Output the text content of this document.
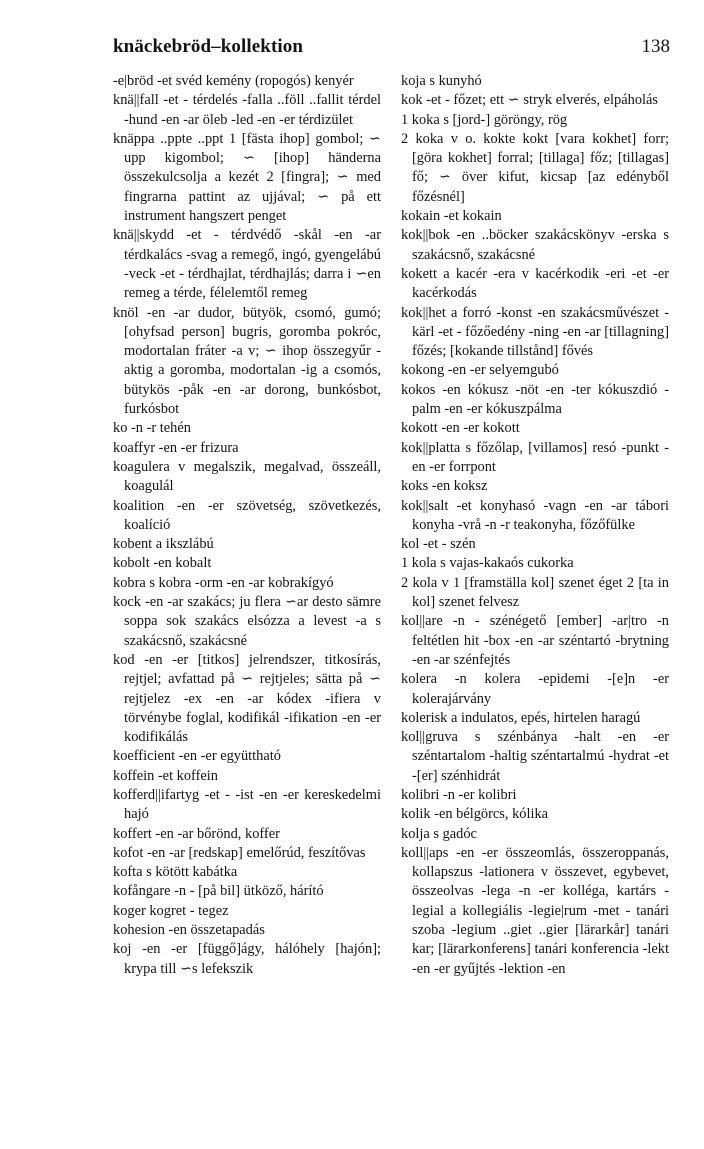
knäckebröd–kollektion	138

-e|bröd -et svéd kemény (ropogós) kenyér

knä||fall -et - térdelés -falla ..föll ..fallit térdel -hund -en -ar öleb -led -en -er térdizület

knäppa ..ppte ..ppt 1 [fästa ihop] gombol; ∽ upp kigombol; ∽ [ihop] händerna összekulcsolja a kezét 2 [fingra]; ∽ med fingrarna pattint az ujjával; ∽ på ett instrument hangszert penget

knä||skydd -et - térdvédő -skål -en -ar térdkalács -svag a remegő, ingó, gyengelábú -veck -et - térdhajlat, térdhajlás; darra i ∽en remeg a térde, félelemtől remeg

knöl -en -ar dudor, bütyök, csomó, gumó; [ohyfsad person] bugris, goromba pokróc, modortalan fráter -a v; ∽ ihop összegyűr -aktig a goromba, modortalan -ig a csomós, bütykös -påk -en -ar dorong, bunkósbot, furkósbot

ko -n -r tehén

koaffyr -en -er frizura

koagulera v megalszik, megalvad, összeáll, koagulál

koalition -en -er szövetség, szövetkezés, koalíció

kobent a ikszlábú

kobolt -en kobalt

kobra s kobra -orm -en -ar kobrakígyó

kock -en -ar szakács; ju flera ∽ar desto sämre soppa sok szakács elsózza a levest -a s szakácsnő, szakácsné

kod -en -er [titkos] jelrendszer, titkosírás, rejtjel; avfattad på ∽ rejtjeles; sätta på ∽ rejtjelez -ex -en -ar kódex -ifiera v törvénybe foglal, kodifikál -ifikation -en -er kodifikálás

koefficient -en -er együttható

koffein -et koffein

kofferd||ifartyg -et - -ist -en -er kereskedelmi hajó

koffert -en -ar bőrönd, koffer

kofot -en -ar [redskap] emelőrúd, feszítővas

kofta s kötött kabátka

kofångare -n - [på bil] ütköző, hárító

koger kogret - tegez

kohesion -en összetapadás

koj -en -er [függő]ágy, hálóhely [hajón]; krypa till ∽s lefekszik

koja s kunyhó

kok -et - főzet; ett ∽ stryk elverés, elpáholás

1 koka s [jord-] göröngy, rög

2 koka v o. kokte kokt [vara kokhet] forr; [göra kokhet] forral; [tillaga] főz; [tillagas] fő; ∽ över kifut, kicsap [az edényből főzésnél]

kokain -et kokain

kok||bok -en ..böcker szakácskönyv -erska s szakácsnő, szakácsné

kokett a kacér -era v kacérkodik -eri -et -er kacérkodás

kok||het a forró -konst -en szakácsművészet -kärl -et - főzőedény -ning -en -ar [tillagning] főzés; [kokande tillstånd] fővés

kokong -en -er selyemgubó

kokos -en kókusz -nöt -en -ter kókuszdió -palm -en -er kókuszpálma

kokott -en -er kokott

kok||platta s főzőlap, [villamos] resó -punkt -en -er forrpont

koks -en koksz

kok||salt -et konyhasó -vagn -en -ar tábori konyha -vrå -n -r teakonyha, főzőfülke

kol -et - szén

1 kola s vajas-kakaós cukorka

2 kola v 1 [framställa kol] szenet éget 2 [ta in kol] szenet felvesz

kol||are -n - szénégető [ember] -ar|tro -n feltétlen hit -box -en -ar széntartó -brytning -en -ar szénfejtés

kolera -n kolera -epidemi -[e]n -er kolerajárvány

kolerisk a indulatos, epés, hirtelen haragú

kol||gruva s szénbánya -halt -en -er széntartalom -haltig széntartalmú -hydrat -et -[er] szénhidrát

kolibri -n -er kolibri

kolik -en bélgörcs, kólika

kolja s gadóc

koll||aps -en -er összeomlás, összeroppanás, kollapszus -lationera v összevet, egybevet, összeolvas -lega -n -er kolléga, kartárs -legial a kollegiális -legie|rum -met - tanári szoba -legium ..giet ..gier [lärarkår] tanári kar; [lärarkonferens] tanári konferencia -lekt -en -er gyűjtés -lektion -en
